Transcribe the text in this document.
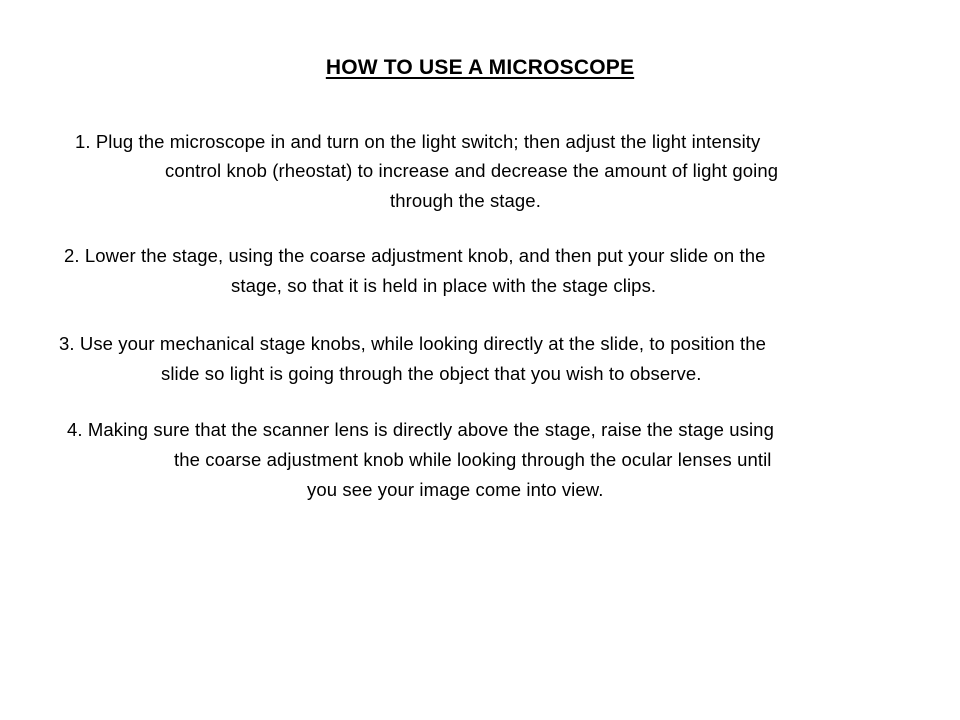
HOW TO USE A MICROSCOPE
1. Plug the microscope in and turn on the light switch; then adjust the light intensity
control knob (rheostat) to increase and decrease the amount of light going
through the stage.
2. Lower the stage, using the coarse adjustment knob, and then put your slide on the
stage, so that it is held in place with the stage clips.
3. Use your mechanical stage knobs, while looking directly at the slide, to position the
slide so light is going through the object that you wish to observe.
4. Making sure that the scanner lens is directly above the stage, raise the stage using
the coarse adjustment knob while looking through the ocular lenses until
you see your image come into view.
